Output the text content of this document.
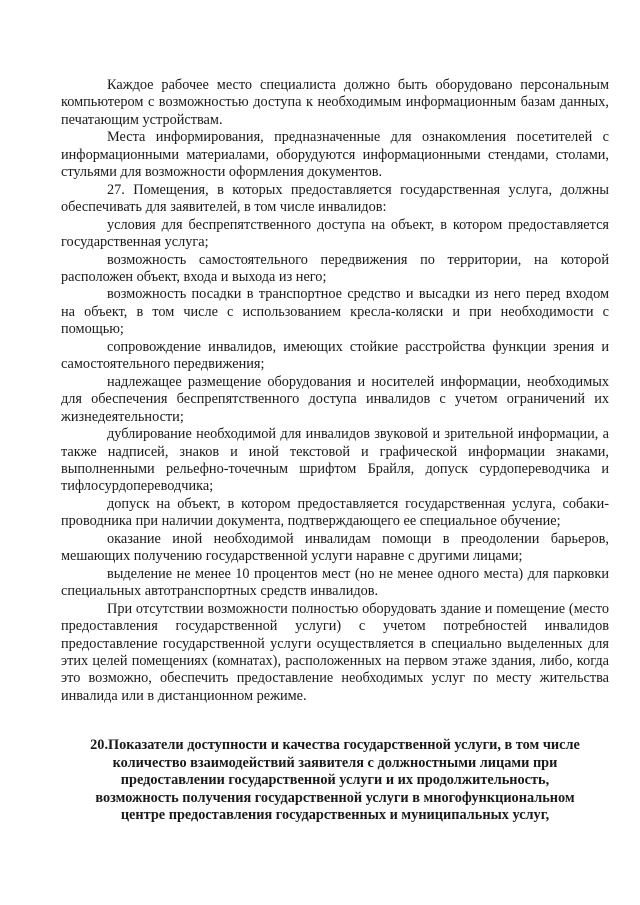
Каждое рабочее место специалиста должно быть оборудовано персональным компьютером с возможностью доступа к необходимым информационным базам данных, печатающим устройствам.

Места информирования, предназначенные для ознакомления посетителей с информационными материалами, оборудуются информационными стендами, столами, стульями для возможности оформления документов.

27. Помещения, в которых предоставляется государственная услуга, должны обеспечивать для заявителей, в том числе инвалидов:

условия для беспрепятственного доступа на объект, в котором предоставляется государственная услуга;

возможность самостоятельного передвижения по территории, на которой расположен объект, входа и выхода из него;

возможность посадки в транспортное средство и высадки из него перед входом на объект, в том числе с использованием кресла-коляски и при необходимости с помощью;

сопровождение инвалидов, имеющих стойкие расстройства функции зрения и самостоятельного передвижения;

надлежащее размещение оборудования и носителей информации, необходимых для обеспечения беспрепятственного доступа инвалидов с учетом ограничений их жизнедеятельности;

дублирование необходимой для инвалидов звуковой и зрительной информации, а также надписей, знаков и иной текстовой и графической информации знаками, выполненными рельефно-точечным шрифтом Брайля, допуск сурдопереводчика и тифлосурдопереводчика;

допуск на объект, в котором предоставляется государственная услуга, собаки-проводника при наличии документа, подтверждающего ее специальное обучение;

оказание иной необходимой инвалидам помощи в преодолении барьеров, мешающих получению государственной услуги наравне с другими лицами;

выделение не менее 10 процентов мест (но не менее одного места) для парковки специальных автотранспортных средств инвалидов.

При отсутствии возможности полностью оборудовать здание и помещение (место предоставления государственной услуги) с учетом потребностей инвалидов предоставление государственной услуги осуществляется в специально выделенных для этих целей помещениях (комнатах), расположенных на первом этаже здания, либо, когда это возможно, обеспечить предоставление необходимых услуг по месту жительства инвалида или в дистанционном режиме.

20.Показатели доступности и качества государственной услуги, в том числе
количество взаимодействий заявителя с должностными лицами при
предоставлении государственной услуги и их продолжительность,
возможность получения государственной услуги в многофункциональном
центре предоставления государственных и муниципальных услуг,
